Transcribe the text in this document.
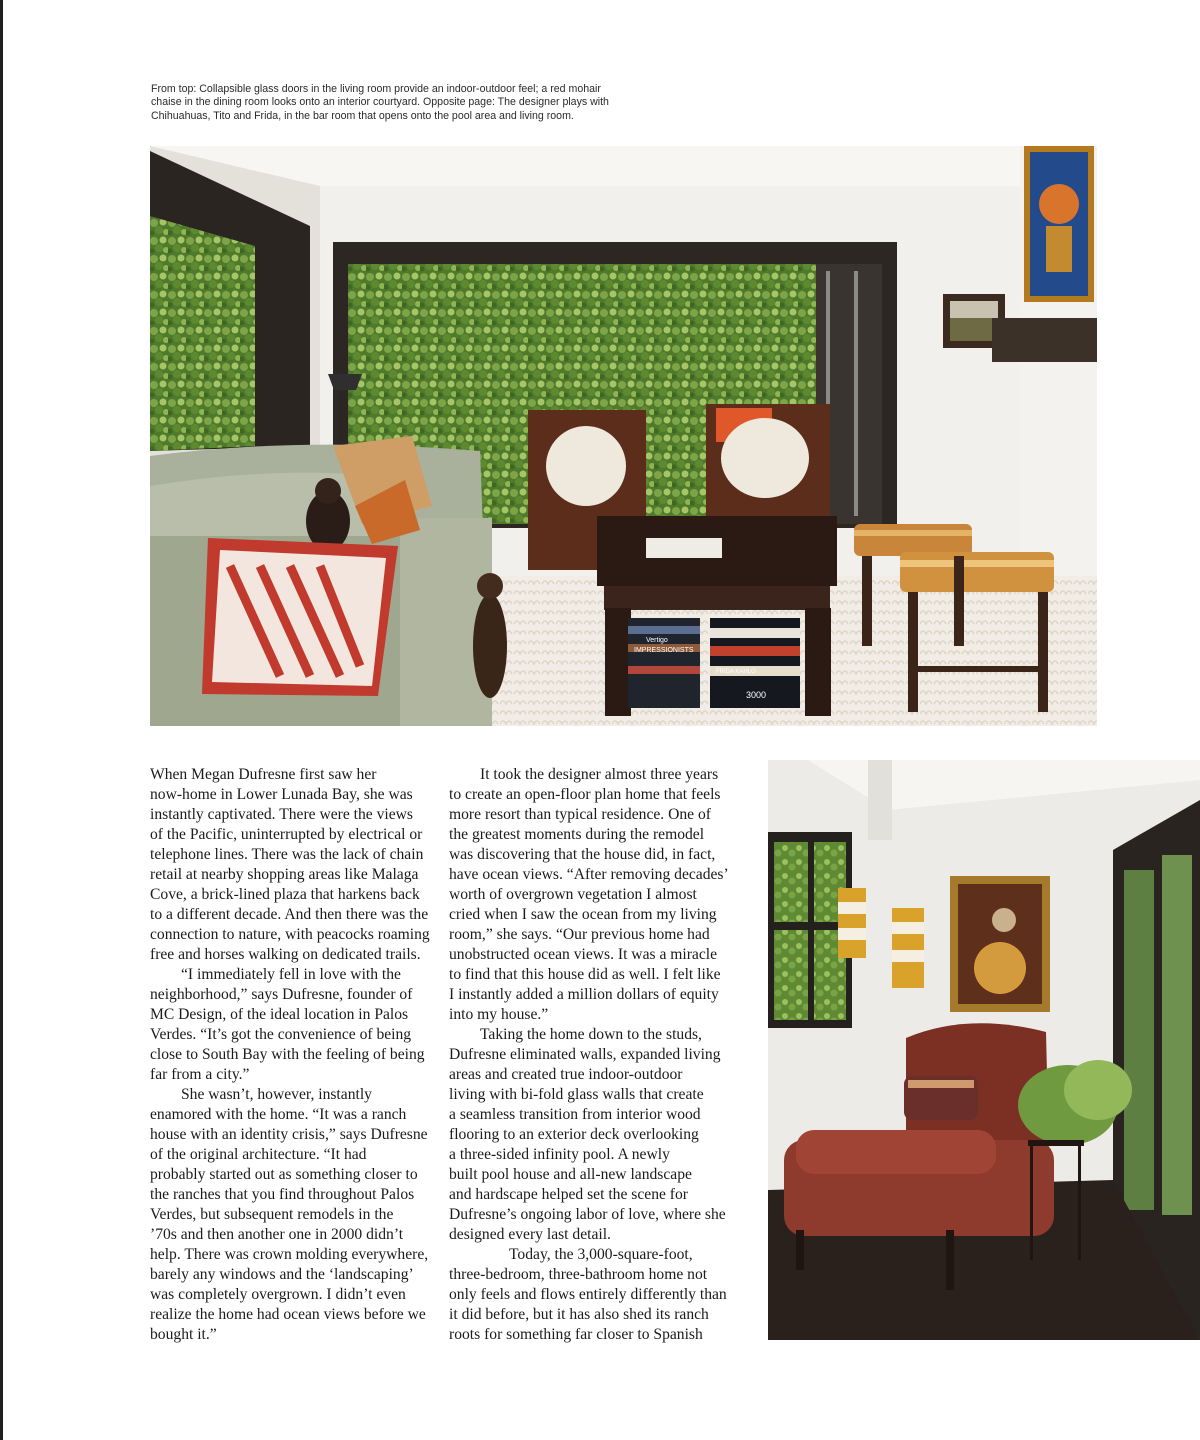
From top: Collapsible glass doors in the living room provide an indoor-outdoor feel; a red mohair
chaise in the dining room looks onto an interior courtyard. Opposite page: The designer plays with
Chihuahuas, Tito and Frida, in the bar room that opens onto the pool area and living room.
IMPRESSIONISTS
Vertigo
FRIDA KAHLO
3000
When Megan Dufresne first saw her
now-home in Lower Lunada Bay, she was
instantly captivated. There were the views
of the Pacific, uninterrupted by electrical or
telephone lines. There was the lack of chain
retail at nearby shopping areas like Malaga
Cove, a brick-lined plaza that harkens back
to a different decade. And then there was the
connection to nature, with peacocks roaming
free and horses walking on dedicated trails.
“I immediately fell in love with the
neighborhood,” says Dufresne, founder of
MC Design, of the ideal location in Palos
Verdes. “It’s got the convenience of being
close to South Bay with the feeling of being
far from a city.”
She wasn’t, however, instantly
enamored with the home. “It was a ranch
house with an identity crisis,” says Dufresne
of the original architecture. “It had
probably started out as something closer to
the ranches that you find throughout Palos
Verdes, but subsequent remodels in the
’70s and then another one in 2000 didn’t
help. There was crown molding everywhere,
barely any windows and the ‘landscaping’
was completely overgrown. I didn’t even
realize the home had ocean views before we
bought it.”
It took the designer almost three years
to create an open-floor plan home that feels
more resort than typical residence. One of
the greatest moments during the remodel
was discovering that the house did, in fact,
have ocean views. “After removing decades’
worth of overgrown vegetation I almost
cried when I saw the ocean from my living
room,” she says. “Our previous home had
unobstructed ocean views. It was a miracle
to find that this house did as well. I felt like
I instantly added a million dollars of equity
into my house.”
Taking the home down to the studs,
Dufresne eliminated walls, expanded living
areas and created true indoor-outdoor
living with bi-fold glass walls that create
a seamless transition from interior wood
flooring to an exterior deck overlooking
a three-sided infinity pool. A newly
built pool house and all-new landscape
and hardscape helped set the scene for
Dufresne’s ongoing labor of love, where she
designed every last detail.
Today, the 3,000-square-foot,
three-bedroom, three-bathroom home not
only feels and flows entirely differently than
it did before, but it has also shed its ranch
roots for something far closer to Spanish
